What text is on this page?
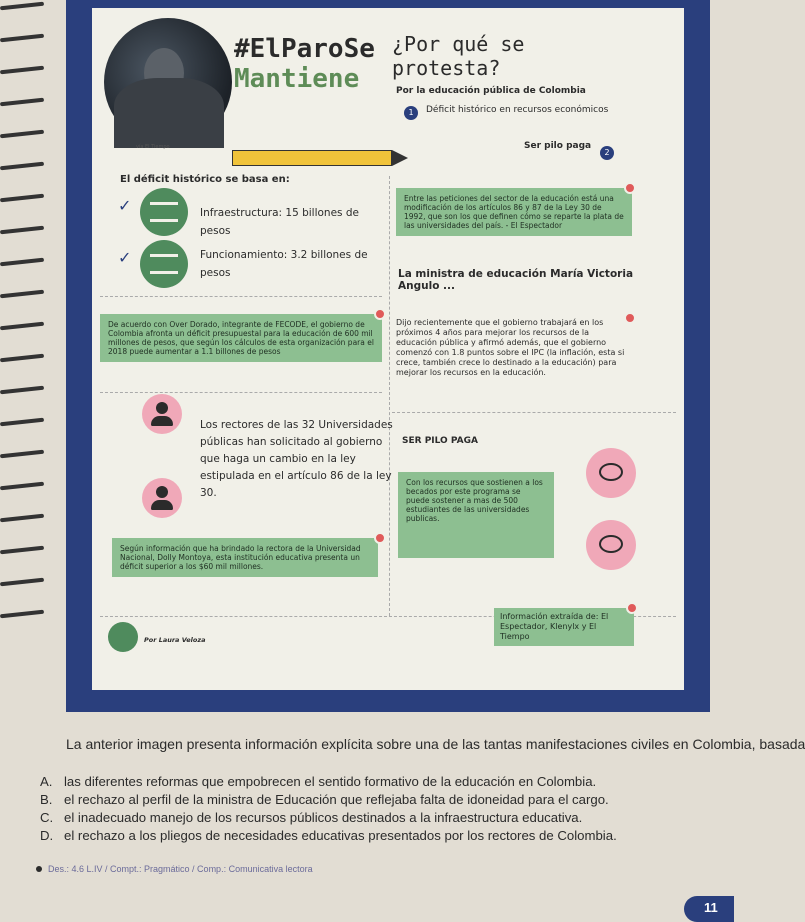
vía El Tiempo
#ElParoSe
Mantiene
¿Por qué se
protesta?
Por la educación pública de Colombia
1	Déficit histórico en recursos económicos
Ser pilo paga
2
El déficit histórico se basa en:
✓	Infraestructura: 15 billones de
pesos
✓	Funcionamiento: 3.2 billones de
pesos
Entre las peticiones del sector de la educación está una modificación de los artículos 86 y 87 de la Ley 30 de 1992, que son los que definen cómo se reparte la plata de las universidades del país. - El Espectador
La ministra de educación María Victoria
Angulo ...
De acuerdo con Over Dorado, integrante de FECODE, el gobierno de Colombia afronta un déficit presupuestal para la educación de 600 mil millones de pesos, que según los cálculos de esta organización para el 2018 puede aumentar a 1.1 billones de pesos
Dijo recientemente que el gobierno trabajará en los próximos 4 años para mejorar los recursos de la educación pública y afirmó además, que el gobierno comenzó con 1.8 puntos sobre el IPC (la inflación, esta si crece, también crece lo destinado a la educación) para mejorar los recursos en la educación.
Los rectores de las 32 Universidades públicas han solicitado al gobierno que haga un cambio en la ley estipulada en el artículo 86 de la ley 30.
SER PILO PAGA
Con los recursos que sostienen a los becados por este programa se puede sostener a mas de 500 estudiantes de las universidades publicas.
Según información que ha brindado la rectora de la Universidad Nacional, Dolly Montoya, esta institución educativa presenta un déficit superior a los $60 mil millones.
Información extraída de: El Espectador, Klenylx y El Tiempo
Por Laura Veloza
La anterior imagen presenta información explícita sobre una de las tantas manifestaciones civiles en Colombia, basada
A. las diferentes reformas que empobrecen el sentido formativo de la educación en Colombia.
B. el rechazo al perfil de la ministra de Educación que reflejaba falta de idoneidad para el cargo.
C. el inadecuado manejo de los recursos públicos destinados a la infraestructura educativa.
D. el rechazo a los pliegos de necesidades educativas presentados por los rectores de Colombia.
Des.: 4.6 L.IV / Compt.: Pragmático / Comp.: Comunicativa lectora
11
